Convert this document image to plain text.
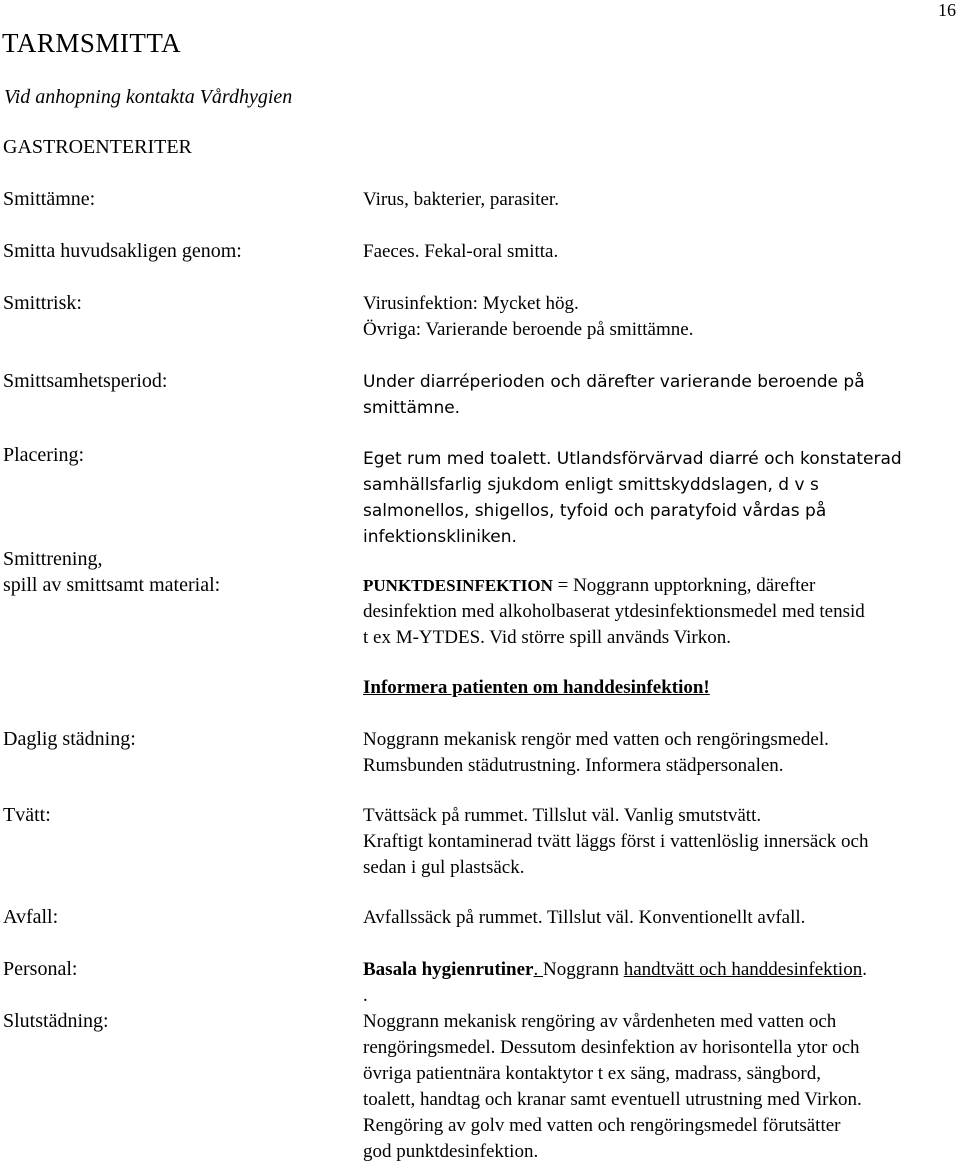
16
TARMSMITTA
Vid anhopning kontakta Vårdhygien
GASTROENTERITER
Smittämne:
Smitta huvudsakligen genom:
Smittrisk:
Smittsamhetsperiod:
Placering:
Smittrening,
spill av smittsamt material:
Daglig städning:
Tvätt:
Avfall:
Personal:
Slutstädning:
Virus, bakterier, parasiter.
Faeces. Fekal-oral smitta.
Virusinfektion: Mycket hög.
Övriga: Varierande beroende på smittämne.
Under diarréperioden och därefter varierande beroende på
smittämne.
Eget rum med toalett. Utlandsförvärvad diarré och konstaterad
samhällsfarlig sjukdom enligt smittskyddslagen, d v s
salmonellos, shigellos, tyfoid och paratyfoid vårdas på
infektionskliniken.
PUNKTDESINFEKTION = Noggrann upptorkning, därefter
desinfektion med alkoholbaserat ytdesinfektionsmedel med tensid
t ex M-YTDES. Vid större spill används Virkon.
Informera patienten om handdesinfektion!
Noggrann mekanisk rengör med vatten och rengöringsmedel.
Rumsbunden städutrustning. Informera städpersonalen.
Tvättsäck på rummet. Tillslut väl. Vanlig smutstvätt.
Kraftigt kontaminerad tvätt läggs först i vattenlöslig innersäck och
sedan i gul plastsäck.
Avfallssäck på rummet. Tillslut väl. Konventionellt avfall.
Basala hygienrutiner. Noggrann handtvätt och handdesinfektion.
.
Noggrann mekanisk rengöring av vårdenheten med vatten och
rengöringsmedel. Dessutom desinfektion av horisontella ytor och
övriga patientnära kontaktytor t ex säng, madrass, sängbord,
toalett, handtag och kranar samt eventuell utrustning med Virkon.
Rengöring av golv med vatten och rengöringsmedel förutsätter
god punktdesinfektion.
